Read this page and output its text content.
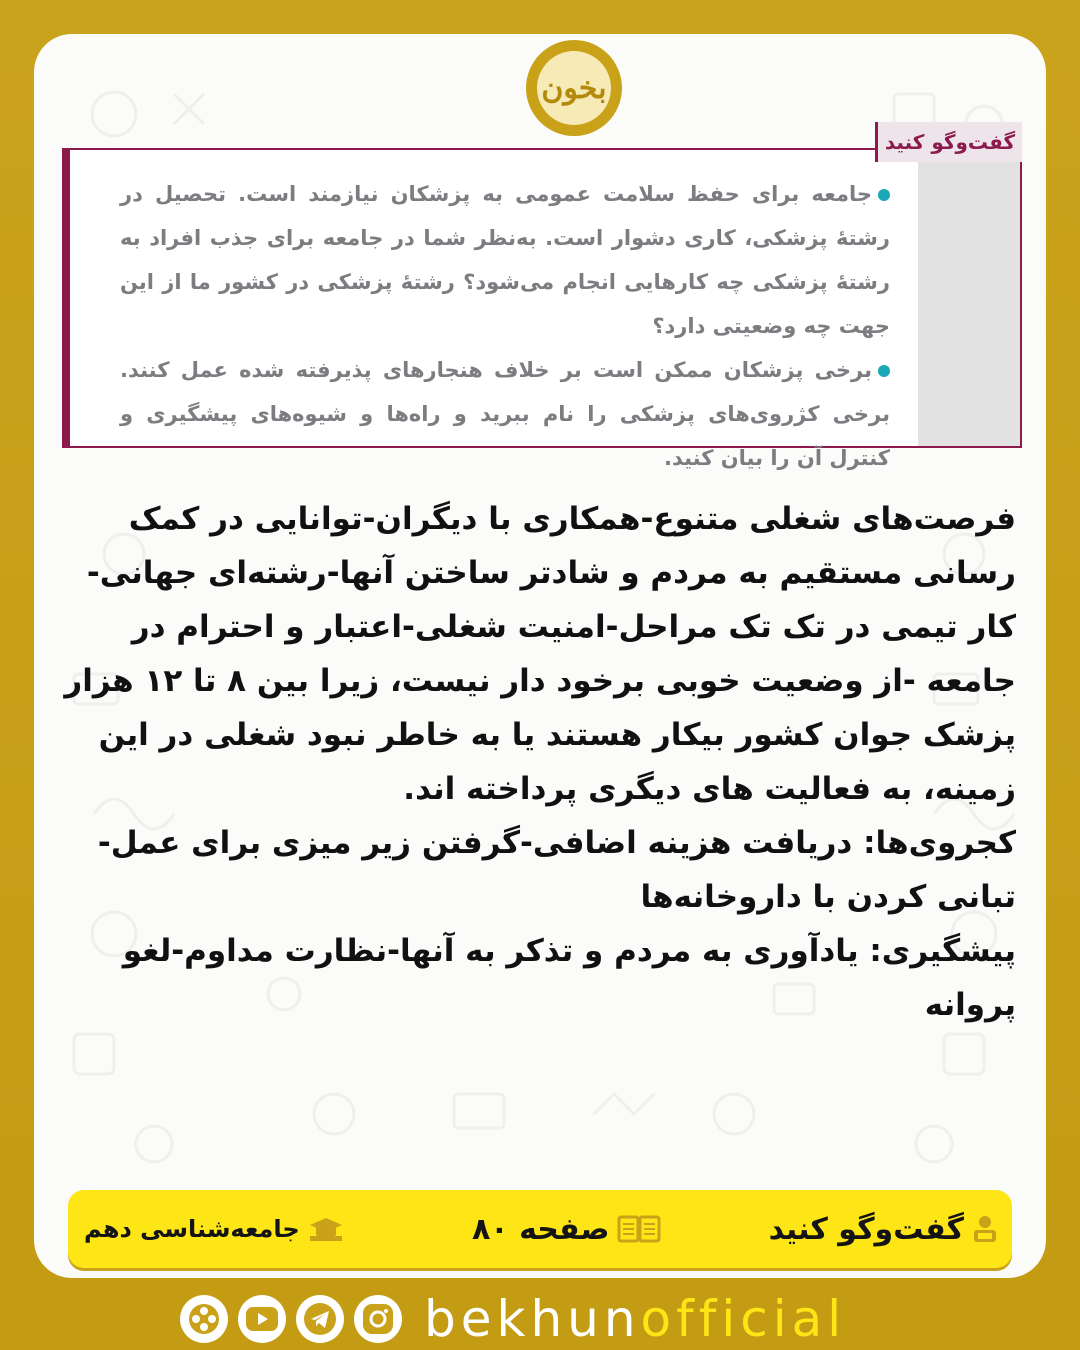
بخون

جامعه برای حفظ سلامت عمومی به پزشکان نیازمند است. تحصیل در رشتهٔ پزشکی، کاری دشوار است. به‌نظر شما در جامعه برای جذب افراد به رشتهٔ پزشکی چه کارهایی انجام می‌شود؟ رشتهٔ پزشکی در کشور ما از این جهت چه وضعیتی دارد؟

برخی پزشکان ممکن است بر خلاف هنجارهای پذیرفته شده عمل کنند. برخی کژروی‌های پزشکی را نام ببرید و راه‌ها و شیوه‌های پیشگیری و کنترل آن را بیان کنید.

گفت‌وگو کنید

فرصت‌های شغلی متنوع-همکاری با دیگران-توانایی در کمک رسانی مستقیم به مردم و شادتر ساختن آنها-رشته‌ای جهانی-کار تیمی در تک تک مراحل-امنیت شغلی-اعتبار و احترام در جامعه -از وضعیت خوبی برخود دار نیست، زیرا بین ۸ تا ۱۲ هزار پزشک جوان کشور بیکار هستند یا به خاطر نبود شغلی در این زمینه، به فعالیت های دیگری پرداخته اند.

کجروی‌ها: دریافت هزینه اضافی-گرفتن زیر میزی برای عمل-تبانی کردن با داروخانه‌ها

پیشگیری: یادآوری به مردم و تذکر به آنها-نظارت مداوم-لغو پروانه

گفت‌وگو کنید
صفحه ۸۰
جامعه‌شناسی دهم
bekhunofficial
